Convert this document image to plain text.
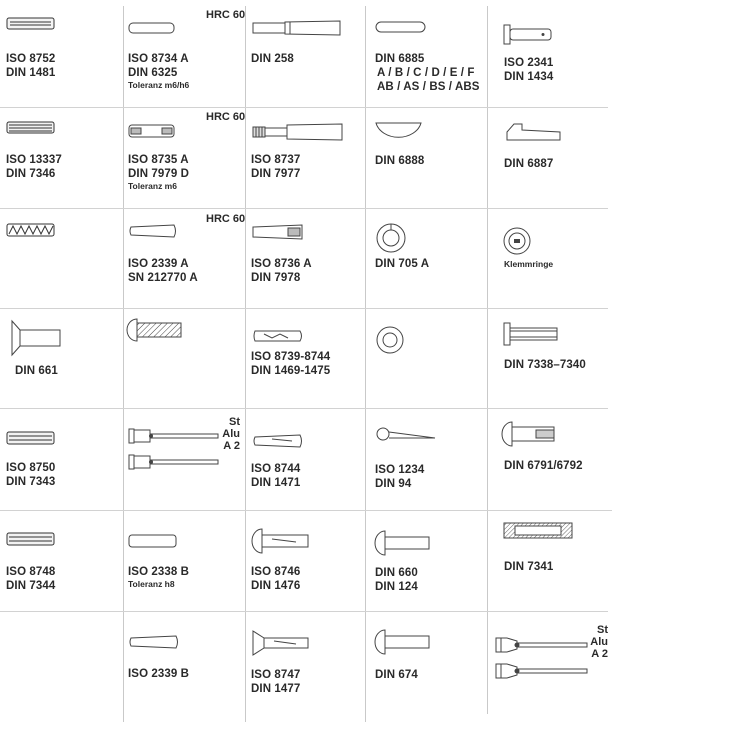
ISO 8752
DIN 1481
HRC 60
ISO 8734 A
DIN 6325
Toleranz m6/h6
DIN 258	DIN 6885
A / B / C / D / E / F
AB / AS / BS / ABS
ISO 2341
DIN 1434
ISO 13337
DIN 7346
HRC 60
ISO 8735 A
DIN 7979 D
Toleranz m6
ISO 8737
DIN 7977
DIN 6888	DIN 6887
HRC 60
ISO 2339 A
SN 212770 A
ISO 8736 A
DIN 7978
DIN 705 A	Klemmringe
DIN 661
ISO 8739-8744
DIN 1469-1475	DIN 7338–7340
ISO 8750
DIN 7343
St
Alu
A 2
ISO 8744
DIN 1471
ISO 1234
DIN 94
DIN 6791/6792
ISO 8748
DIN 7344
ISO 2338 B
Toleranz h8
ISO 8746
DIN 1476
DIN 660
DIN 124
DIN 7341
ISO 2339 B	ISO 8747
DIN 1477
DIN 674
St
Alu
A 2
